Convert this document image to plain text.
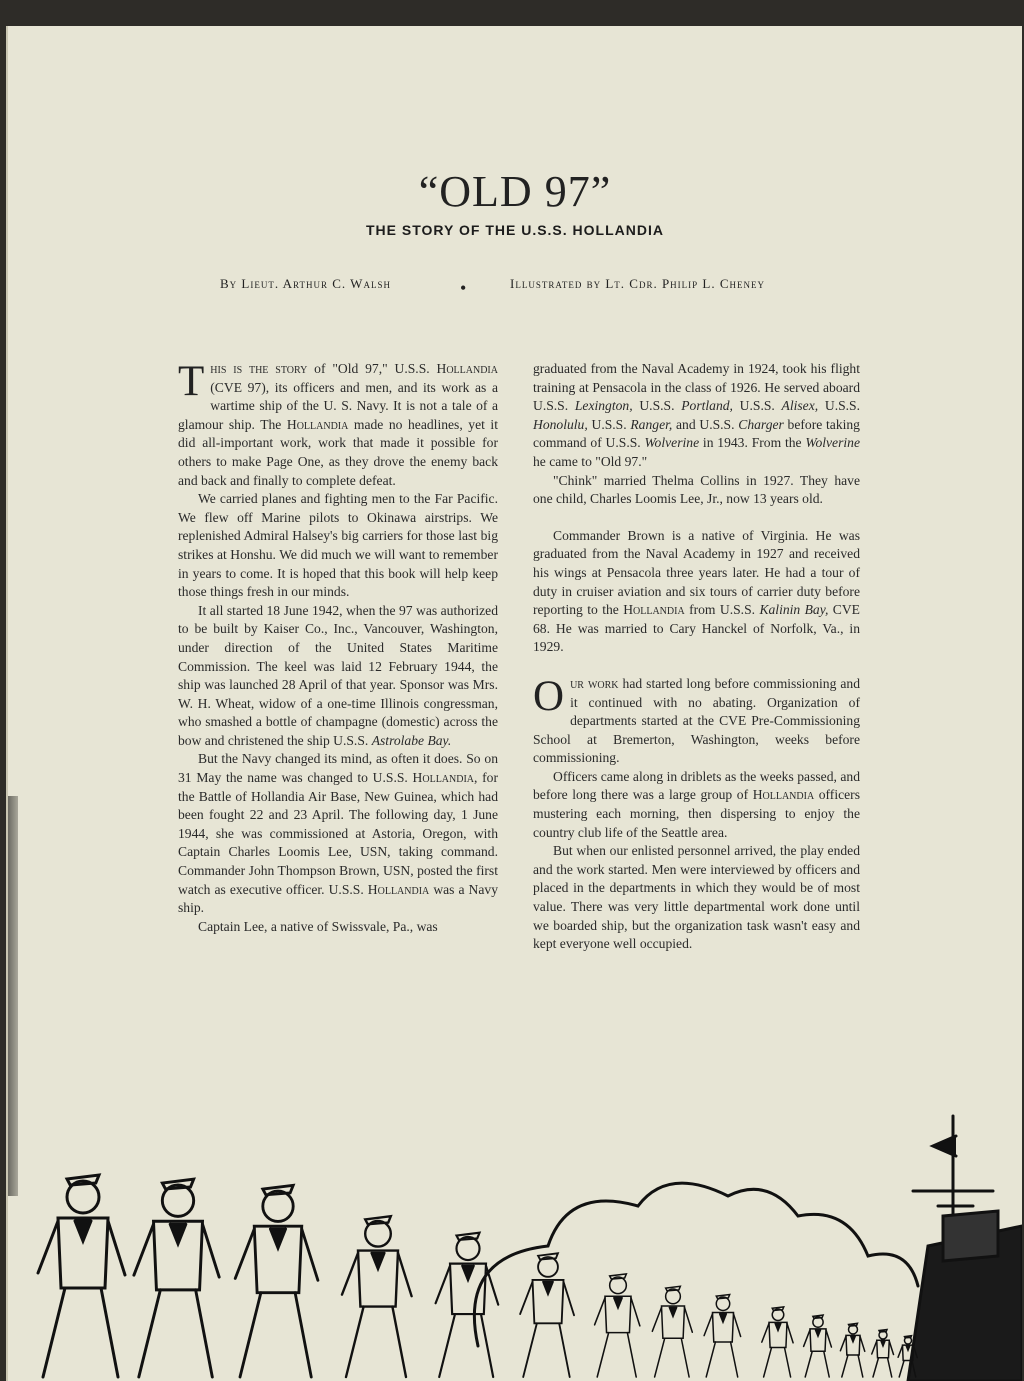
“OLD 97”
THE STORY OF THE U.S.S. HOLLANDIA
By Lieut. Arthur C. Walsh	•	Illustrated by Lt. Cdr. Philip L. Cheney

This is the story of "Old 97," U.S.S. Hollandia (CVE 97), its officers and men, and its work as a wartime ship of the U. S. Navy. It is not a tale of a glamour ship. The Hollandia made no headlines, yet it did all-important work, work that made it possible for others to make Page One, as they drove the enemy back and back and finally to complete defeat.

We carried planes and fighting men to the Far Pacific. We flew off Marine pilots to Okinawa airstrips. We replenished Admiral Halsey's big carriers for those last big strikes at Honshu. We did much we will want to remember in years to come. It is hoped that this book will help keep those things fresh in our minds.

It all started 18 June 1942, when the 97 was authorized to be built by Kaiser Co., Inc., Vancouver, Washington, under direction of the United States Maritime Commission. The keel was laid 12 February 1944, the ship was launched 28 April of that year. Sponsor was Mrs. W. H. Wheat, widow of a one-time Illinois congressman, who smashed a bottle of champagne (domestic) across the bow and christened the ship U.S.S. Astrolabe Bay.

But the Navy changed its mind, as often it does. So on 31 May the name was changed to U.S.S. Hollandia, for the Battle of Hollandia Air Base, New Guinea, which had been fought 22 and 23 April. The following day, 1 June 1944, she was commissioned at Astoria, Oregon, with Captain Charles Loomis Lee, USN, taking command. Commander John Thompson Brown, USN, posted the first watch as executive officer. U.S.S. Hollandia was a Navy ship.

Captain Lee, a native of Swissvale, Pa., was

graduated from the Naval Academy in 1924, took his flight training at Pensacola in the class of 1926. He served aboard U.S.S. Lexington, U.S.S. Portland, U.S.S. Alisex, U.S.S. Honolulu, U.S.S. Ranger, and U.S.S. Charger before taking command of U.S.S. Wolverine in 1943. From the Wolverine he came to "Old 97."

"Chink" married Thelma Collins in 1927. They have one child, Charles Loomis Lee, Jr., now 13 years old.

Commander Brown is a native of Virginia. He was graduated from the Naval Academy in 1927 and received his wings at Pensacola three years later. He had a tour of duty in cruiser aviation and six tours of carrier duty before reporting to the Hollandia from U.S.S. Kalinin Bay, CVE 68. He was married to Cary Hanckel of Norfolk, Va., in 1929.

Our work had started long before commissioning and it continued with no abating. Organization of departments started at the CVE Pre-Commissioning School at Bremerton, Washington, weeks before commissioning.

Officers came along in driblets as the weeks passed, and before long there was a large group of Hollandia officers mustering each morning, then dispersing to enjoy the country club life of the Seattle area.

But when our enlisted personnel arrived, the play ended and the work started. Men were interviewed by officers and placed in the departments in which they would be of most value. There was very little departmental work done until we boarded ship, but the organization task wasn't easy and kept everyone well occupied.
